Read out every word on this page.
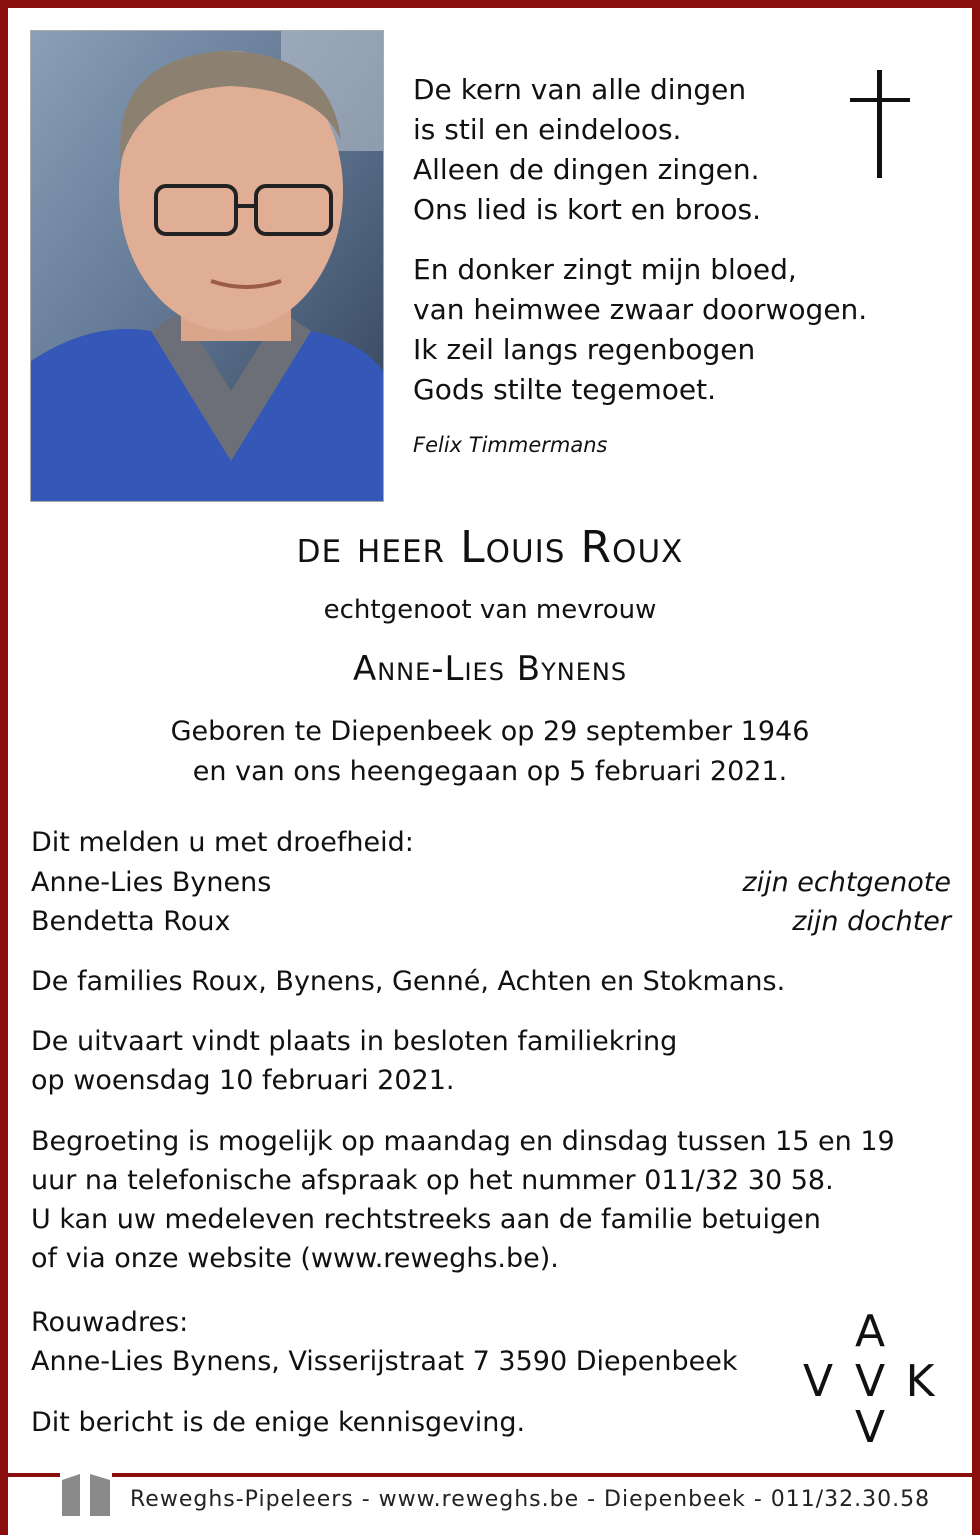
De kern van alle dingen
is stil en eindeloos.
Alleen de dingen zingen.
Ons lied is kort en broos.
En donker zingt mijn bloed,
van heimwee zwaar doorwogen.
Ik zeil langs regenbogen
Gods stilte tegemoet.
Felix Timmermans
de heer Louis Roux
echtgenoot van mevrouw
Anne-Lies Bynens
Geboren te Diepenbeek op 29 september 1946
en van ons heengegaan op 5 februari 2021.
Dit melden u met droefheid:
Anne-Lies Bynens	zijn echtgenote
Bendetta Roux	zijn dochter
De families Roux, Bynens, Genné, Achten en Stokmans.
De uitvaart vindt plaats in besloten familiekring
op woensdag 10 februari 2021.
Begroeting is mogelijk op maandag en dinsdag tussen 15 en 19
uur na telefonische afspraak op het nummer 011/32 30 58.
U kan uw medeleven rechtstreeks aan de familie betuigen
of via onze website (www.reweghs.be).
Rouwadres:
Anne-Lies Bynens, Visserijstraat 7 3590 Diepenbeek
Dit bericht is de enige kennisgeving.
A
V V K
V
Reweghs-Pipeleers - www.reweghs.be - Diepenbeek - 011/32.30.58
